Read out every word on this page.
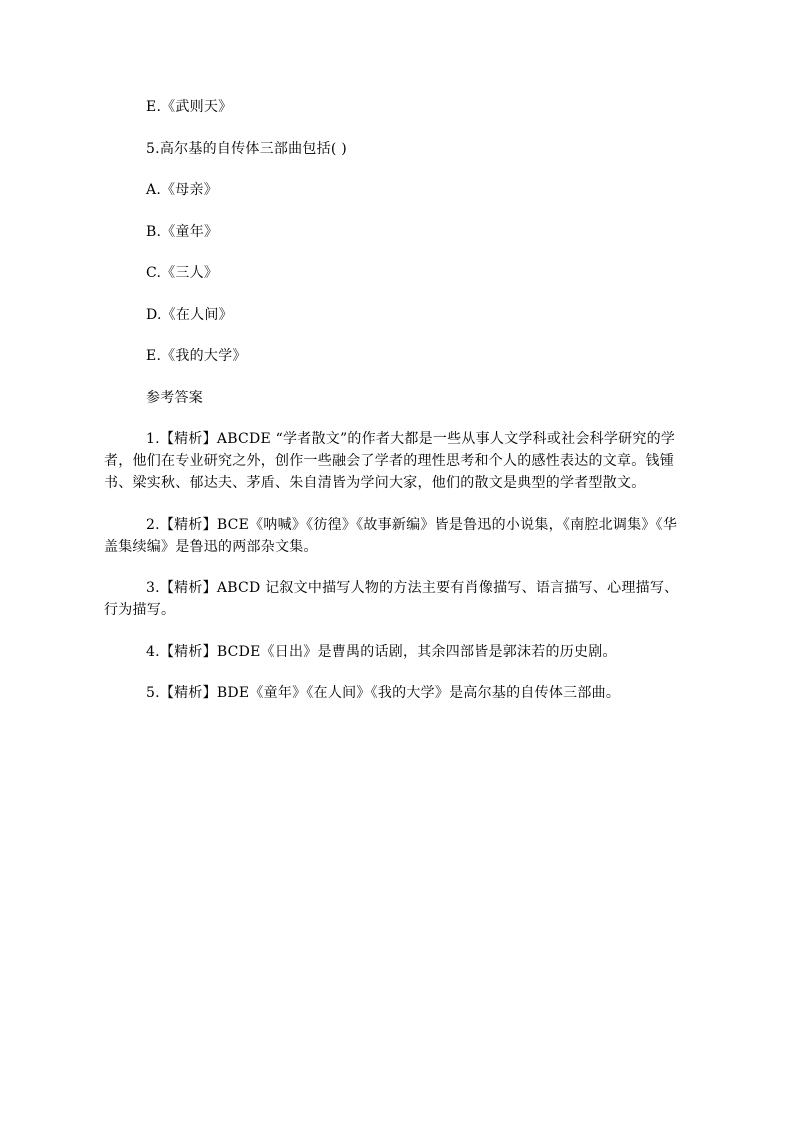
E.《武则天》

5.高尔基的自传体三部曲包括( )

A.《母亲》

B.《童年》

C.《三人》

D.《在人间》

E.《我的大学》

参考答案

1.【精析】ABCDE “学者散文”的作者大都是一些从事人文学科或社会科学研究的学者，他们在专业研究之外，创作一些融会了学者的理性思考和个人的感性表达的文章。钱锺书、梁实秋、郁达夫、茅盾、朱自清皆为学问大家，他们的散文是典型的学者型散文。

2.【精析】BCE《呐喊》《彷徨》《故事新编》皆是鲁迅的小说集，《南腔北调集》《华盖集续编》是鲁迅的两部杂文集。

3.【精析】ABCD 记叙文中描写人物的方法主要有肖像描写、语言描写、心理描写、行为描写。

4.【精析】BCDE《日出》是曹禺的话剧，其余四部皆是郭沫若的历史剧。

5.【精析】BDE《童年》《在人间》《我的大学》是高尔基的自传体三部曲。
